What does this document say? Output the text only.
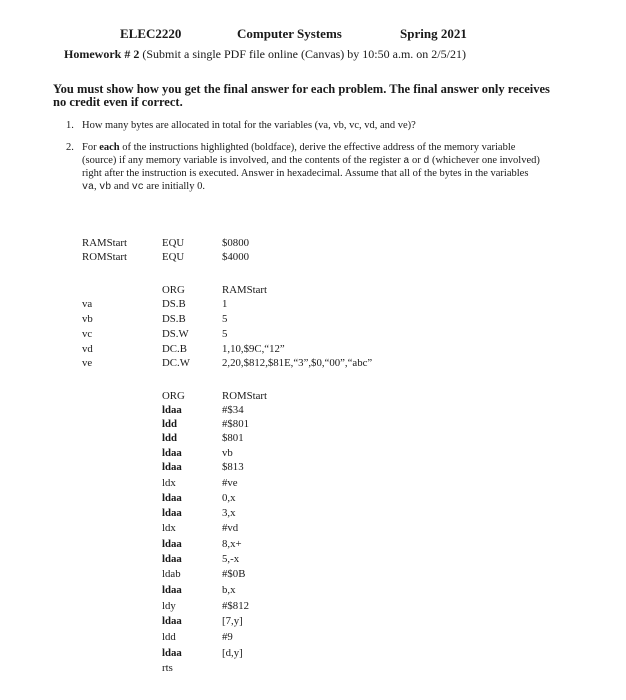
ELEC2220	Computer Systems	Spring 2021
Homework # 2 (Submit a single PDF file online (Canvas) by 10:50 a.m. on 2/5/21)
You must show how you get the final answer for each problem. The final answer only receives no credit even if correct.
1. How many bytes are allocated in total for the variables (va, vb, vc, vd, and ve)?
2. For each of the instructions highlighted (boldface), derive the effective address of the memory variable (source) if any memory variable is involved, and the contents of the register a or d (whichever one involved) right after the instruction is executed. Answer in hexadecimal. Assume that all of the bytes in the variables va, vb and vc are initially 0.
RAMStart	EQU	$0800
ROMStart	EQU	$4000
ORG	RAMStart
va	DS.B	1
vb	DS.B	5
vc	DS.W	5
vd	DC.B	1,10,$9C,“12”
ve	DC.W	2,20,$812,$81E,“3”,$0,“00”,“abc”
ORG	ROMStart
ldaa	#$34
ldd	#$801
ldd	$801
ldaa	vb
ldaa	$813
ldx	#ve
ldaa	0,x
ldaa	3,x
ldx	#vd
ldaa	8,x+
ldaa	5,-x
ldab	#$0B
ldaa	b,x
ldy	#$812
ldaa	[7,y]
ldd	#9
ldaa	[d,y]
rts
